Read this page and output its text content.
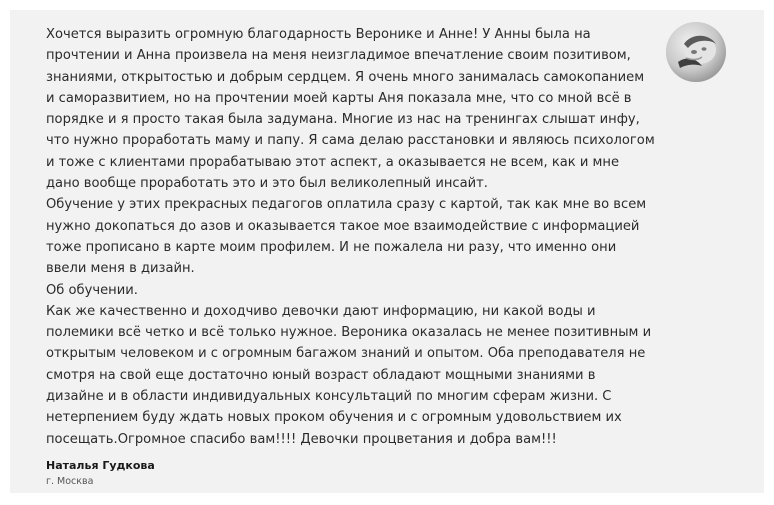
Хочется выразить огромную благодарность Веронике и Анне! У Анны была на прочтении и Анна произвела на меня неизгладимое впечатление своим позитивом, знаниями, открытостью и добрым сердцем. Я очень много занималась самокопанием и саморазвитием, но на прочтении моей карты Аня показала мне, что со мной всё в порядке и я просто такая была задумана. Многие из нас на тренингах слышат инфу, что нужно проработать маму и папу. Я сама делаю расстановки и являюсь психологом и тоже с клиентами прорабатываю этот аспект, а оказывается не всем, как и мне дано вообще проработать это и это был великолепный инсайт.

Обучение у этих прекрасных педагогов оплатила сразу с картой, так как мне во всем нужно докопаться до азов и оказывается такое мое взаимодействие с информацией тоже прописано в карте моим профилем. И не пожалела ни разу, что именно они ввели меня в дизайн.

Об обучении.

Как же качественно и доходчиво девочки дают информацию, ни какой воды и полемики всё четко и всё только нужное. Вероника оказалась не менее позитивным и открытым человеком и с огромным багажом знаний и опытом. Оба преподавателя не смотря на свой еще достаточно юный возраст обладают мощными знаниями в дизайне и в области индивидуальных консультаций по многим сферам жизни. С нетерпением буду ждать новых проком обучения и с огромным удовольствием их посещать.Огромное спасибо вам!!!! Девочки процветания и добра вам!!!

Наталья Гудкова
г. Москва
